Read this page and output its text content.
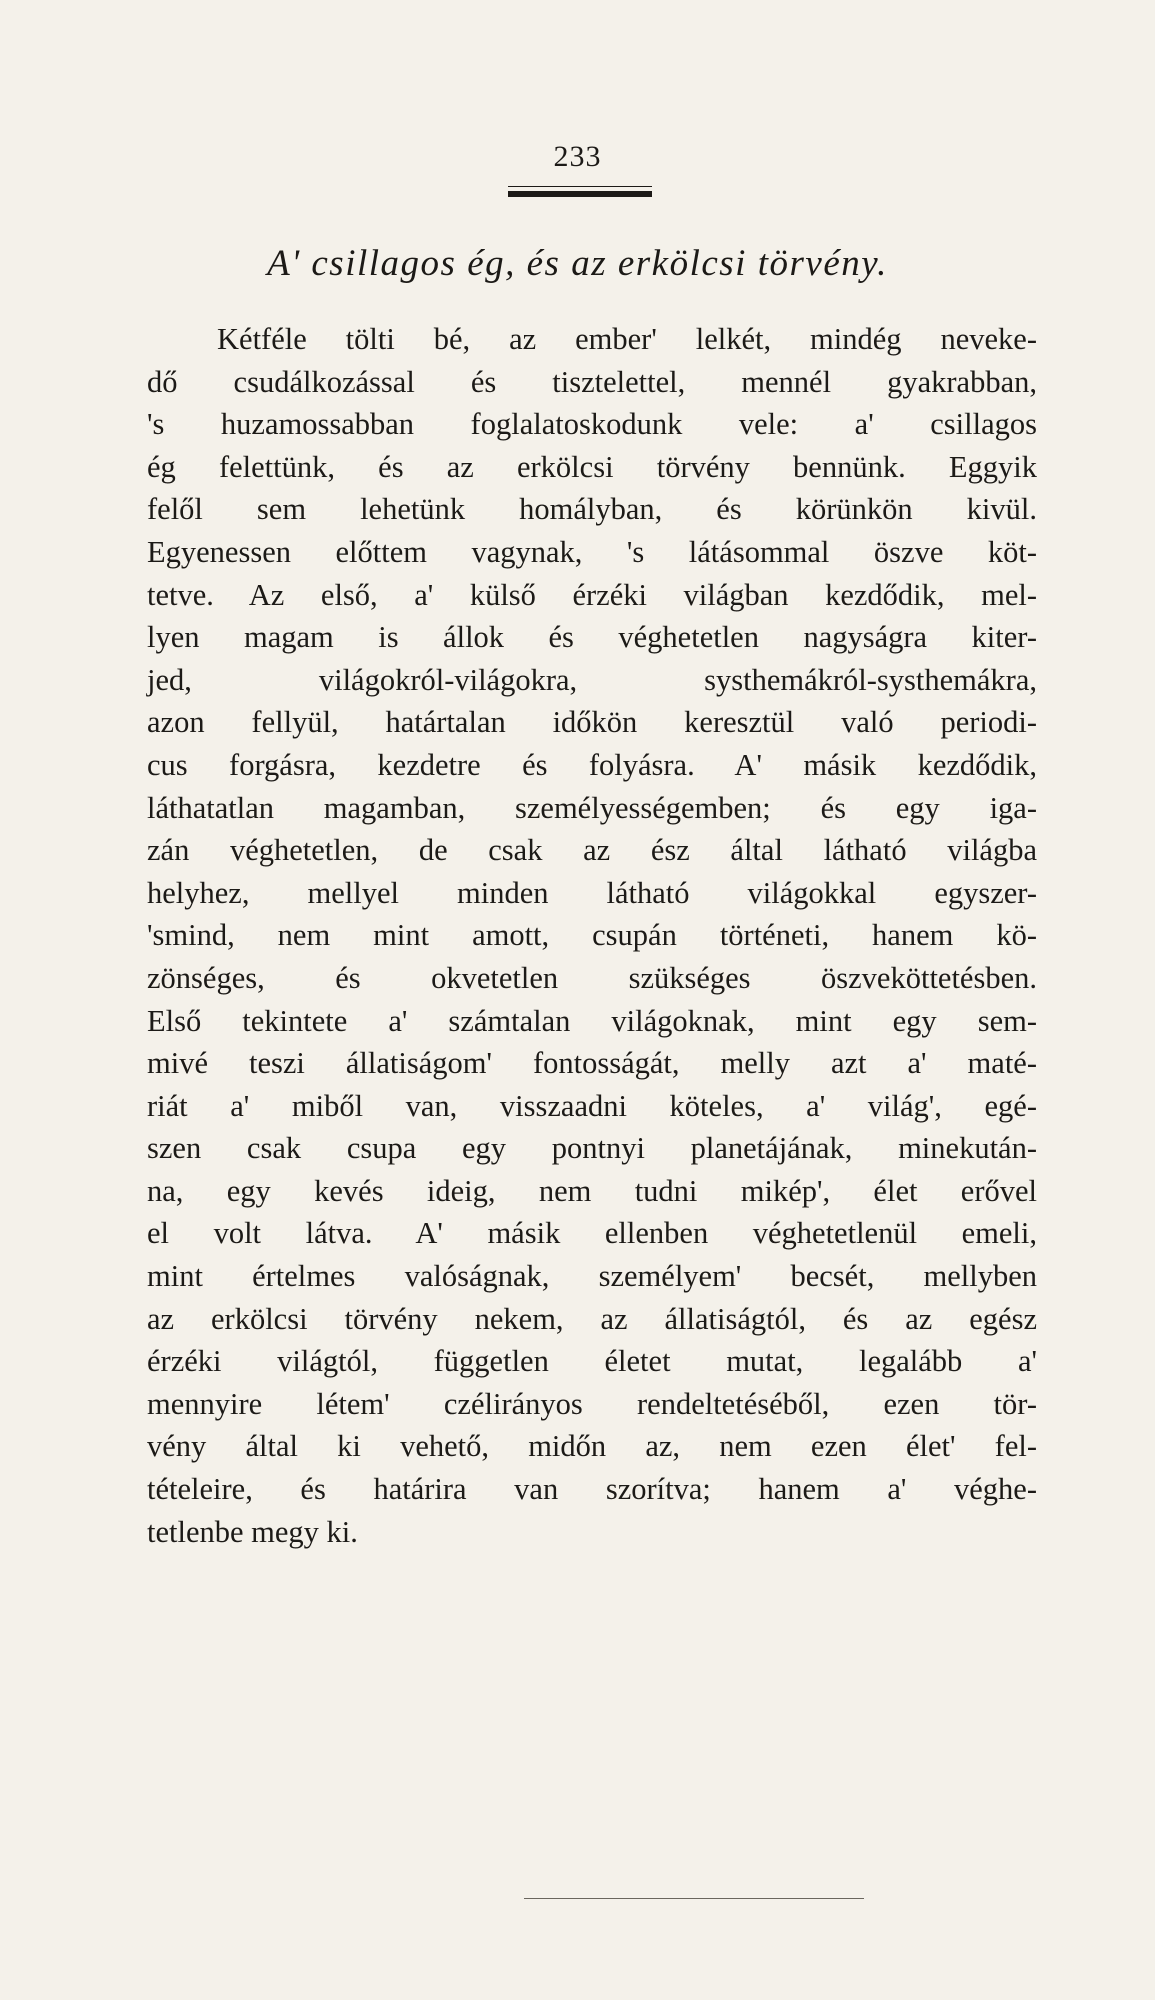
233
A' csillagos ég, és az erkölcsi törvény.
Kétféle tölti bé, az ember' lelkét, mindég neveke-
dő csudálkozással és tisztelettel, mennél gyakrabban,
's huzamossabban foglalatoskodunk vele: a' csillagos
ég felettünk, és az erkölcsi törvény bennünk. Eggyik
felől sem lehetünk homályban, és körünkön kivül.
Egyenessen előttem vagynak, 's látásommal öszve köt-
tetve. Az első, a' külső érzéki világban kezdődik, mel-
lyen magam is állok és véghetetlen nagyságra kiter-
jed, világokról-világokra, systhemákról-systhemákra,
azon fellyül, határtalan időkön keresztül való periodi-
cus forgásra, kezdetre és folyásra. A' másik kezdődik,
láthatatlan magamban, személyességemben; és egy iga-
zán véghetetlen, de csak az ész által látható világba
helyhez, mellyel minden látható világokkal egyszer-
'smind, nem mint amott, csupán történeti, hanem kö-
zönséges, és okvetetlen szükséges öszveköttetésben.
Első tekintete a' számtalan világoknak, mint egy sem-
mivé teszi állatiságom' fontosságát, melly azt a' maté-
riát a' miből van, visszaadni köteles, a' világ', egé-
szen csak csupa egy pontnyi planetájának, minekután-
na, egy kevés ideig, nem tudni mikép', élet erővel
el volt látva. A' másik ellenben véghetetlenül emeli,
mint értelmes valóságnak, személyem' becsét, mellyben
az erkölcsi törvény nekem, az állatiságtól, és az egész
érzéki világtól, független életet mutat, legalább a'
mennyire létem' czélirányos rendeltetéséből, ezen tör-
vény által ki vehető, midőn az, nem ezen élet' fel-
tételeire, és határira van szorítva; hanem a' véghe-
tetlenbe megy ki.
